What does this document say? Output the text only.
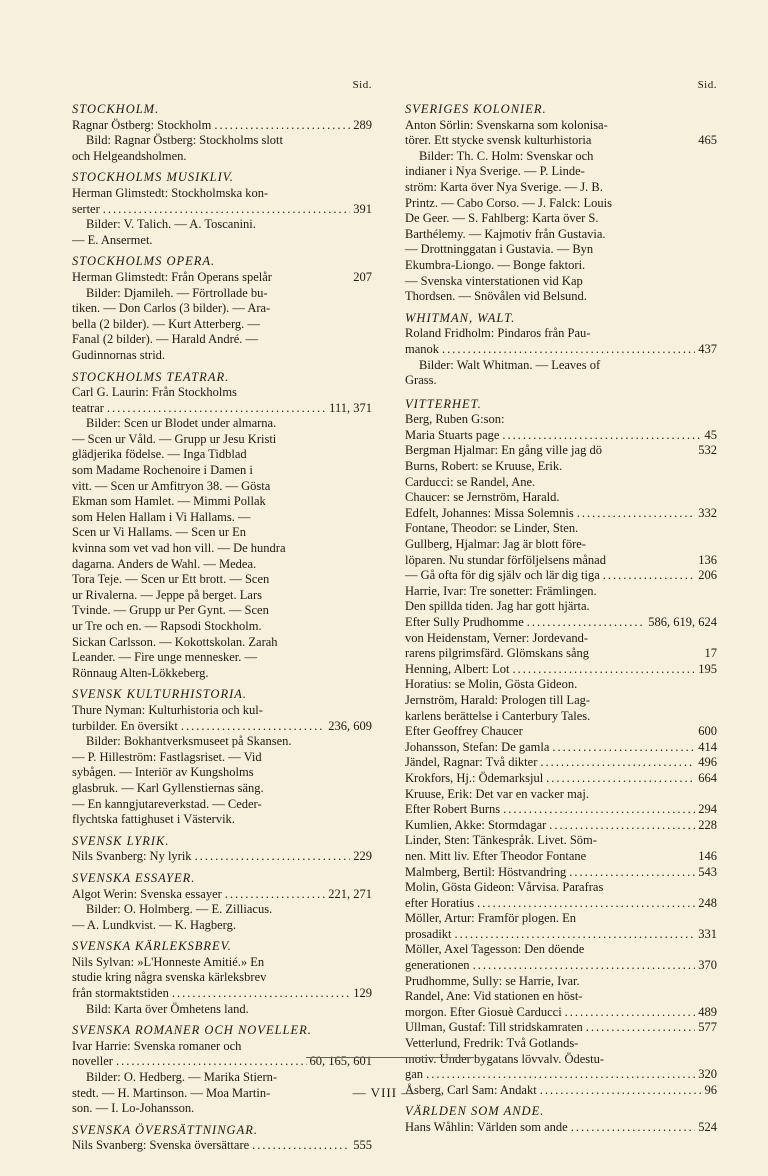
Sid.
STOCKHOLM.
Ragnar Östberg: Stockholm .....	289
Bild: Ragnar Östberg: Stockholms slott
och Helgeandsholmen.
STOCKHOLMS MUSIKLIV.
Herman Glimstedt: Stockholmska kon-
serter .....	391
Bilder: V. Talich. — A. Toscanini.
— E. Ansermet.
STOCKHOLMS OPERA.
Herman Glimstedt: Från Operans spelår	207
Bilder: Djamileh. — Förtrollade bu-
tiken. — Don Carlos (3 bilder). — Ara-
bella (2 bilder). — Kurt Atterberg. —
Fanal (2 bilder). — Harald André. —
Gudinnornas strid.
STOCKHOLMS TEATRAR.
Carl G. Laurin: Från Stockholms
teatrar .....	111, 371
Bilder: Scen ur Blodet under almarna.
— Scen ur Våld. — Grupp ur Jesu Kristi
glädjerika födelse. — Inga Tidblad
som Madame Rochenoire i Damen i
vitt. — Scen ur Amfitryon 38. — Gösta
Ekman som Hamlet. — Mimmi Pollak
som Helen Hallam i Vi Hallams. —
Scen ur Vi Hallams. — Scen ur En
kvinna som vet vad hon vill. — De hundra
dagarna. Anders de Wahl. — Medea.
Tora Teje. — Scen ur Ett brott. — Scen
ur Rivalerna. — Jeppe på berget. Lars
Tvinde. — Grupp ur Per Gynt. — Scen
ur Tre och en. — Rapsodi Stockholm.
Sickan Carlsson. — Kokottskolan. Zarah
Leander. — Fire unge mennesker. —
Rönnaug Alten-Lökkeberg.
SVENSK KULTURHISTORIA.
Thure Nyman: Kulturhistoria och kul-
turbilder. En översikt .....	236, 609
Bilder: Bokhantverksmuseet på Skansen.
— P. Hilleström: Fastlagsriset. — Vid
sybågen. — Interiör av Kungsholms
glasbruk. — Karl Gyllenstiernas säng.
— En kanngjutareverkstad. — Ceder-
flychtska fattighuset i Västervik.
SVENSK LYRIK.
Nils Svanberg: Ny lyrik .....	229
SVENSKA ESSAYER.
Algot Werin: Svenska essayer .....	221, 271
Bilder: O. Holmberg. — E. Zilliacus.
— A. Lundkvist. — K. Hagberg.
SVENSKA KÄRLEKSBREV.
Nils Sylvan: »L'Honneste Amitié.» En
studie kring några svenska kärleksbrev
från stormaktstiden .....	129
Bild: Karta över Ömhetens land.
SVENSKA ROMANER OCH NOVELLER.
Ivar Harrie: Svenska romaner och
noveller .....	60, 165, 601
Bilder: O. Hedberg. — Marika Stiern-
stedt. — H. Martinson. — Moa Martin-
son. — I. Lo-Johansson.
SVENSKA ÖVERSÄTTNINGAR.
Nils Svanberg: Svenska översättare .....	555
Sid.
SVERIGES KOLONIER.
Anton Sörlin: Svenskarna som kolonisa-
törer. Ett stycke svensk kulturhistoria	465
Bilder: Th. C. Holm: Svenskar och
indianer i Nya Sverige. — P. Linde-
ström: Karta över Nya Sverige. — J. B.
Printz. — Cabo Corso. — J. Falck: Louis
De Geer. — S. Fahlberg: Karta över S.
Barthélemy. — Kajmotiv från Gustavia.
— Drottninggatan i Gustavia. — Byn
Ekumbra-Liongo. — Bonge faktori.
— Svenska vinterstationen vid Kap
Thordsen. — Snövålen vid Belsund.
WHITMAN, WALT.
Roland Fridholm: Pindaros från Pau-
manok .....	437
Bilder: Walt Whitman. — Leaves of
Grass.
VITTERHET.
Berg, Ruben G:son:
Maria Stuarts page .....	45
Bergman Hjalmar: En gång ville jag dö	532
Burns, Robert: se Kruuse, Erik.
Carducci: se Randel, Ane.
Chaucer: se Jernström, Harald.
Edfelt, Johannes: Missa Solemnis .....	332
Fontane, Theodor: se Linder, Sten.
Gullberg, Hjalmar: Jag är blott före-
löparen. Nu stundar förföljelsens månad	136
— Gå ofta för dig själv och lär dig tiga .....	206
Harrie, Ivar: Tre sonetter: Främlingen.
Den spillda tiden. Jag har gott hjärta.
Efter Sully Prudhomme .....	586, 619, 624
von Heidenstam, Verner: Jordevand-
rarens pilgrimsfärd. Glömskans sång	17
Henning, Albert: Lot .....	195
Horatius: se Molin, Gösta Gideon.
Jernström, Harald: Prologen till Lag-
karlens berättelse i Canterbury Tales.
Efter Geoffrey Chaucer	600
Johansson, Stefan: De gamla .....	414
Jändel, Ragnar: Två dikter .....	496
Krokfors, Hj.: Ödemarksjul .....	664
Kruuse, Erik: Det var en vacker maj.
Efter Robert Burns .....	294
Kumlien, Akke: Stormdagar .....	228
Linder, Sten: Tänkespråk. Livet. Söm-
nen. Mitt liv. Efter Theodor Fontane	146
Malmberg, Bertil: Höstvandring .....	543
Molin, Gösta Gideon: Vårvisa. Parafras
efter Horatius .....	248
Möller, Artur: Framför plogen. En
prosadikt .....	331
Möller, Axel Tagesson: Den döende
generationen .....	370
Prudhomme, Sully: se Harrie, Ivar.
Randel, Ane: Vid stationen en höst-
morgon. Efter Giosuè Carducci .....	489
Ullman, Gustaf: Till stridskamraten .....	577
Vetterlund, Fredrik: Två Gotlands-
motiv. Under bygatans lövvalv. Ödestu-
gan .....	320
Åsberg, Carl Sam: Andakt .....	96
VÄRLDEN SOM ANDE.
Hans Wåhlin: Världen som ande .....	524
— VIII —
